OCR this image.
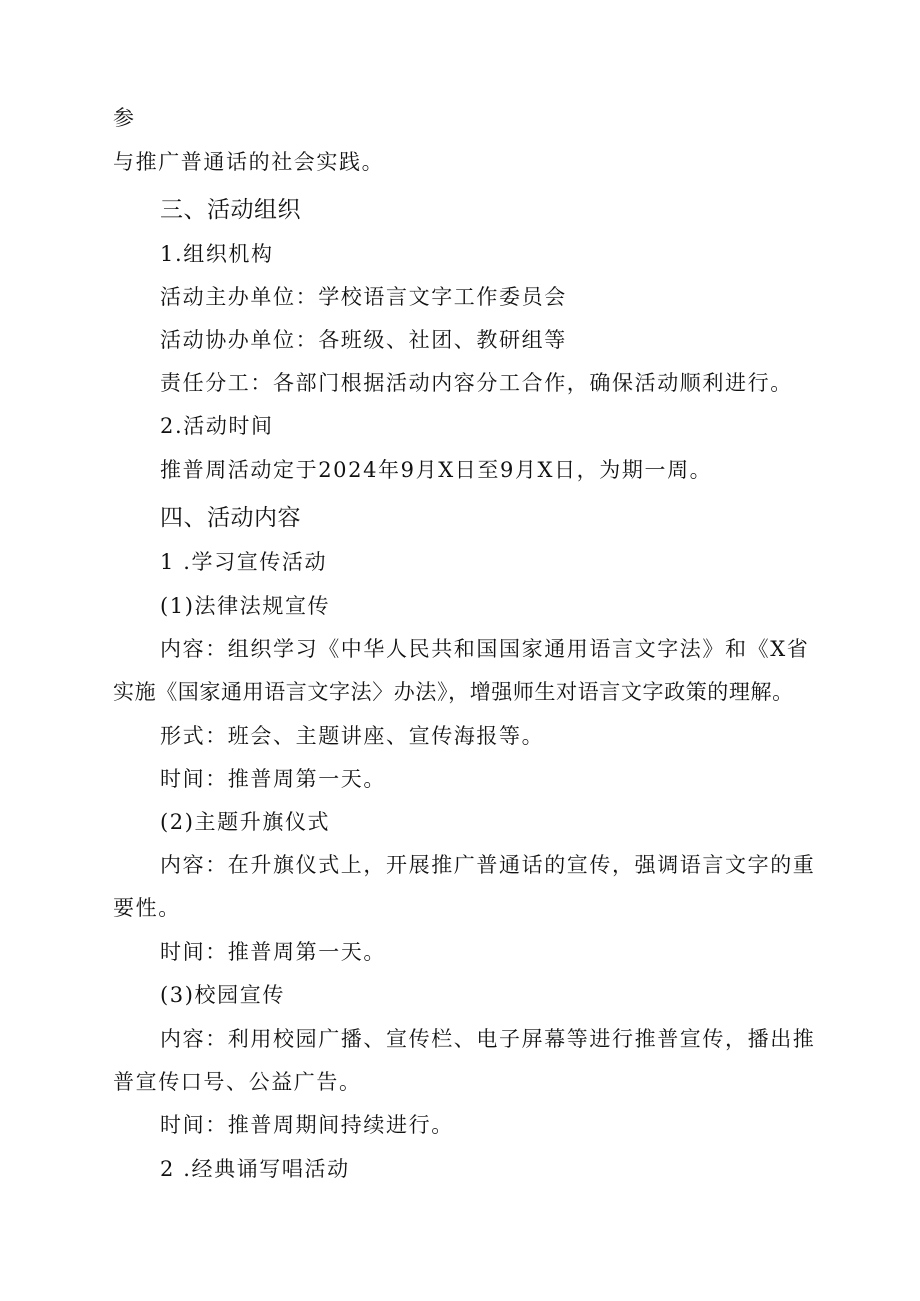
参
与推广普通话的社会实践。
三、活动组织
1.组织机构
活动主办单位：学校语言文字工作委员会
活动协办单位：各班级、社团、教研组等
责任分工：各部门根据活动内容分工合作，确保活动顺利进行。
2.活动时间
推普周活动定于2024年9月X日至9月X日，为期一周。
四、活动内容
1 .学习宣传活动
(1)法律法规宣传
内容：组织学习《中华人民共和国国家通用语言文字法》和《X省
实施《国家通用语言文字法〉办法》，增强师生对语言文字政策的理解。
形式：班会、主题讲座、宣传海报等。
时间：推普周第一天。
(2)主题升旗仪式
内容：在升旗仪式上，开展推广普通话的宣传，强调语言文字的重
要性。
时间：推普周第一天。
(3)校园宣传
内容：利用校园广播、宣传栏、电子屏幕等进行推普宣传，播出推
普宣传口号、公益广告。
时间：推普周期间持续进行。
2 .经典诵写唱活动
